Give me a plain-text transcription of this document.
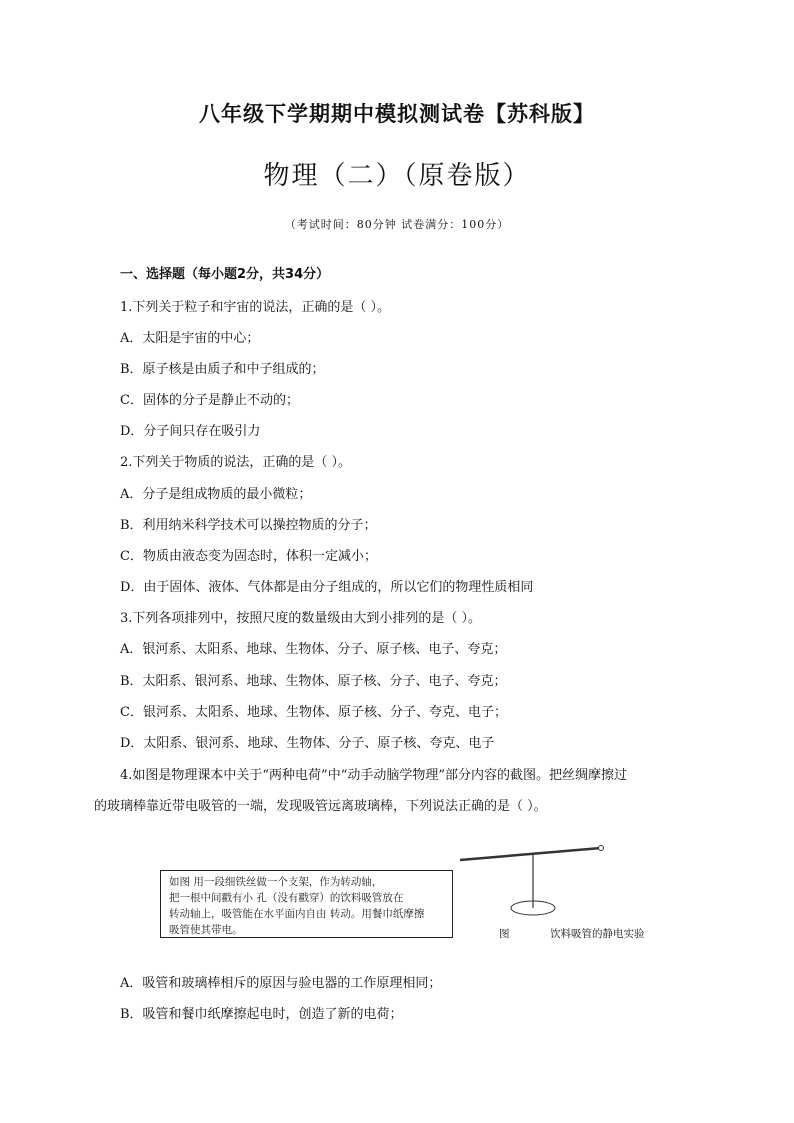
八年级下学期期中模拟测试卷【苏科版】
物理（二）（原卷版）
（考试时间：80分钟 试卷满分：100分）
一、选择题（每小题2分，共34分）
1.下列关于粒子和宇宙的说法，正确的是（ ）。
A．太阳是宇宙的中心；
B．原子核是由质子和中子组成的；
C．固体的分子是静止不动的；
D．分子间只存在吸引力
2.下列关于物质的说法，正确的是（ ）。
A．分子是组成物质的最小微粒；
B．利用纳米科学技术可以操控物质的分子；
C．物质由液态变为固态时，体积一定减小；
D．由于固体、液体、气体都是由分子组成的，所以它们的物理性质相同
3.下列各项排列中，按照尺度的数量级由大到小排列的是（ ）。
A．银河系、太阳系、地球、生物体、分子、原子核、电子、夸克；
B．太阳系、银河系、地球、生物体、原子核、分子、电子、夸克；
C．银河系、太阳系、地球、生物体、原子核、分子、夸克、电子；
D．太阳系、银河系、地球、生物体、分子、原子核、夸克、电子
4.如图是物理课本中关于“两种电荷”中“动手动脑学物理”部分内容的截图。把丝绸摩擦过
的玻璃棒靠近带电吸管的一端，发现吸管远离玻璃棒，下列说法正确的是（ ）。
如图 用一段细铁丝做一个支架，作为转动轴，
把一根中间戳有小 孔（没有戳穿）的饮料吸管放在
转动轴上，吸管能在水平面内自由 转动。用餐巾纸摩擦
吸管使其带电。	图	饮料吸管的静电实验
A．吸管和玻璃棒相斥的原因与验电器的工作原理相同；
B．吸管和餐巾纸摩擦起电时，创造了新的电荷；
